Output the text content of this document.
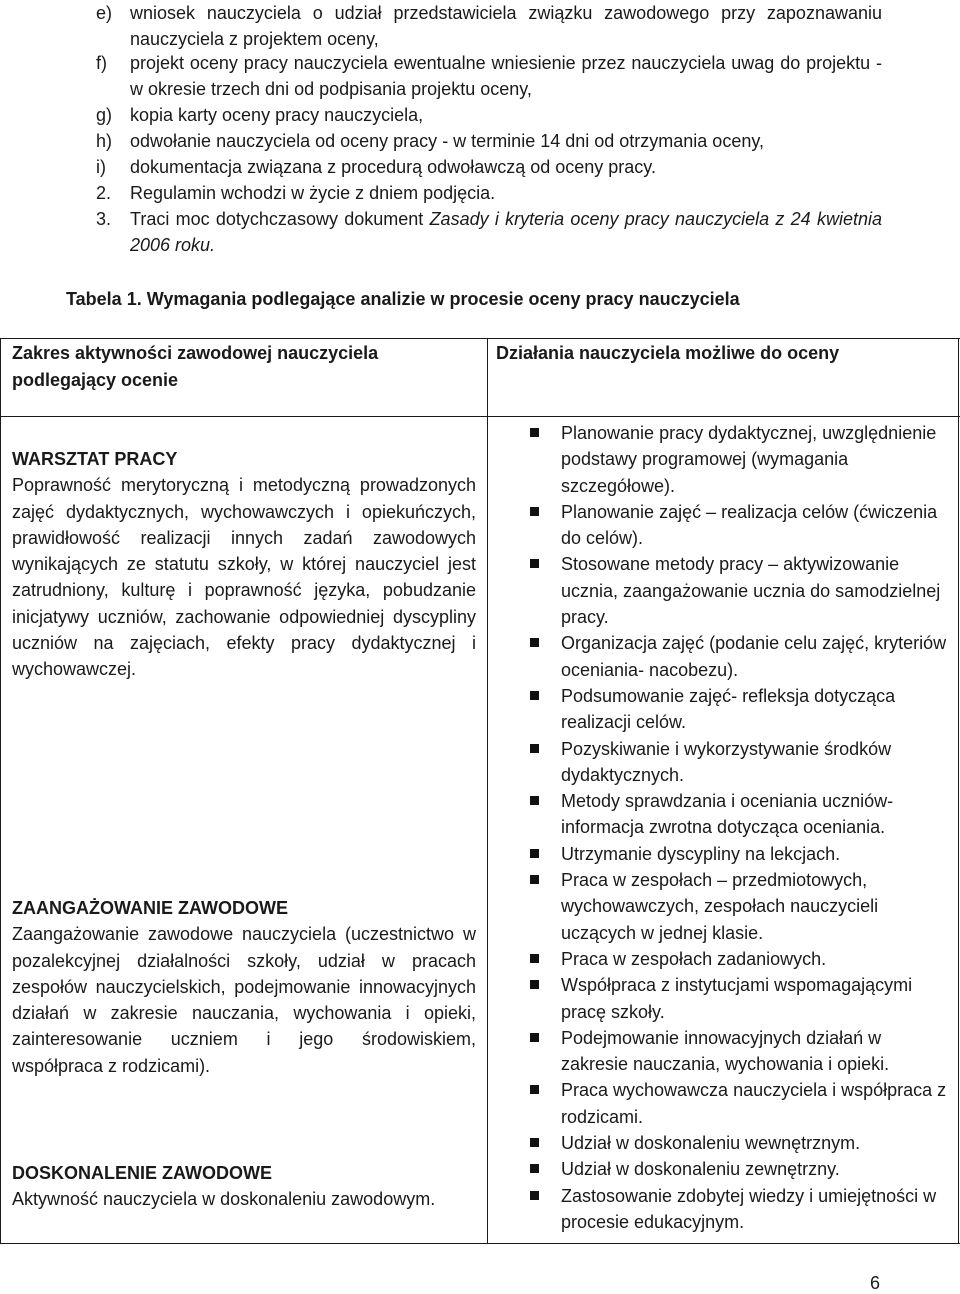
e) wniosek nauczyciela o udział przedstawiciela związku zawodowego przy zapoznawaniu nauczyciela z projektem oceny,
f) projekt oceny pracy nauczyciela ewentualne wniesienie przez nauczyciela uwag do projektu -w okresie trzech dni od podpisania projektu oceny,
g) kopia karty oceny pracy nauczyciela,
h) odwołanie nauczyciela od oceny pracy - w terminie 14 dni od otrzymania oceny,
i) dokumentacja związana z procedurą odwoławczą od oceny pracy.
2. Regulamin wchodzi w życie z dniem podjęcia.
3. Traci moc dotychczasowy dokument Zasady i kryteria oceny pracy nauczyciela z 24 kwietnia 2006 roku.
Tabela 1. Wymagania podlegające analizie w procesie oceny pracy nauczyciela
Zakres aktywności zawodowej nauczyciela podlegający ocenie
Działania nauczyciela możliwe do oceny
WARSZTAT PRACY
Poprawność merytoryczną i metodyczną prowadzonych zajęć dydaktycznych, wychowawczych i opiekuńczych, prawidłowość realizacji innych zadań zawodowych wynikających ze statutu szkoły, w której nauczyciel jest zatrudniony, kulturę i poprawność języka, pobudzanie inicjatywy uczniów, zachowanie odpowiedniej dyscypliny uczniów na zajęciach, efekty pracy dydaktycznej i wychowawczej.
ZAANGAŻOWANIE ZAWODOWE
Zaangażowanie zawodowe nauczyciela (uczestnictwo w pozalekcyjnej działalności szkoły, udział w pracach zespołów nauczycielskich, podejmowanie innowacyjnych działań w zakresie nauczania, wychowania i opieki, zainteresowanie uczniem i jego środowiskiem, współpraca z rodzicami).
DOSKONALENIE ZAWODOWE
Aktywność nauczyciela w doskonaleniu zawodowym.
Planowanie pracy dydaktycznej, uwzględnienie podstawy programowej (wymagania szczegółowe).
Planowanie zajęć – realizacja celów (ćwiczenia do celów).
Stosowane metody pracy – aktywizowanie ucznia, zaangażowanie ucznia do samodzielnej pracy.
Organizacja zajęć (podanie celu zajęć, kryteriów oceniania- nacobezu).
Podsumowanie zajęć- refleksja dotycząca realizacji celów.
Pozyskiwanie i wykorzystywanie środków dydaktycznych.
Metody sprawdzania i oceniania uczniów- informacja zwrotna dotycząca oceniania.
Utrzymanie dyscypliny na lekcjach.
Praca w zespołach – przedmiotowych, wychowawczych, zespołach nauczycieli uczących w jednej klasie.
Praca w zespołach zadaniowych.
Współpraca z instytucjami wspomagającymi pracę szkoły.
Podejmowanie innowacyjnych działań w zakresie nauczania, wychowania i opieki.
Praca wychowawcza nauczyciela i współpraca z rodzicami.
Udział w doskonaleniu wewnętrznym.
Udział w doskonaleniu zewnętrzny.
Zastosowanie zdobytej wiedzy i umiejętności w procesie edukacyjnym.
6
